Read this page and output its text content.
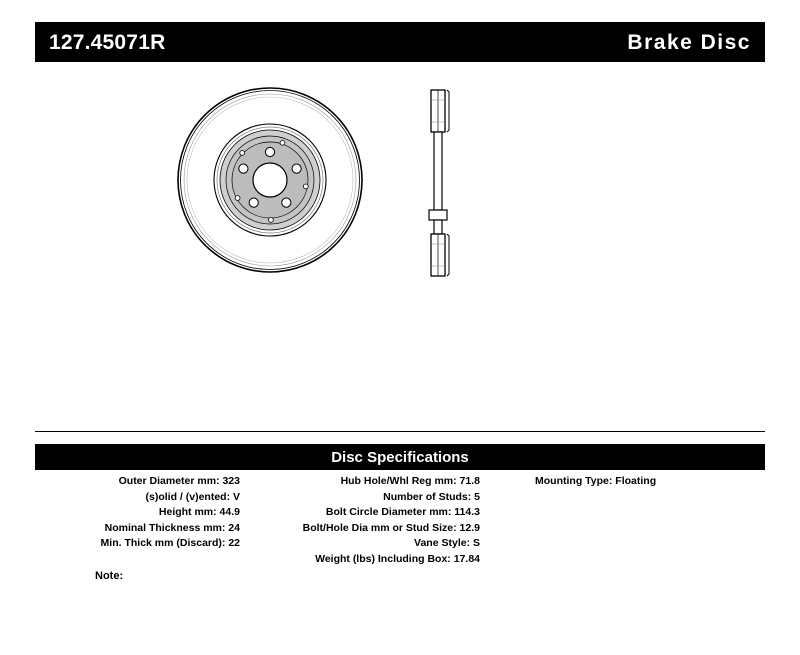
127.45071R	Brake Disc
Disc Specifications
Outer Diameter mm: 323
(s)olid / (v)ented: V
Height mm: 44.9
Nominal Thickness mm: 24
Min. Thick mm (Discard): 22
Hub Hole/Whl Reg mm: 71.8
Number of Studs: 5
Bolt Circle Diameter mm: 114.3
Bolt/Hole Dia mm or Stud Size: 12.9
Vane Style: S
Weight (lbs) Including Box: 17.84
Mounting Type: Floating
Note:
